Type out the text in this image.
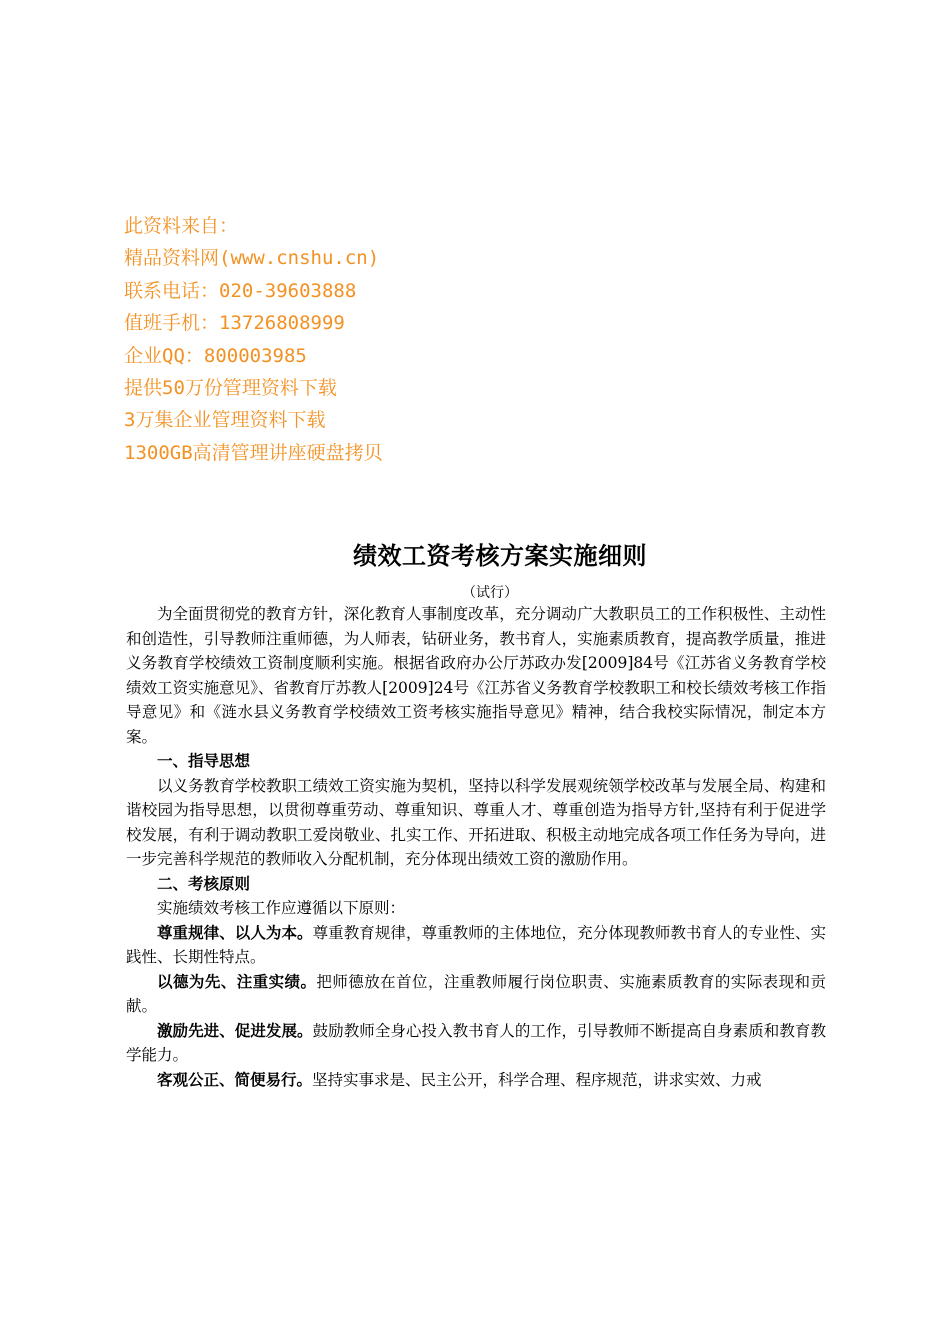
此资料来自：
精品资料网(www.cnshu.cn)
联系电话：020-39603888
值班手机：13726808999
企业QQ：800003985
提供50万份管理资料下载
3万集企业管理资料下载
1300GB高清管理讲座硬盘拷贝
绩效工资考核方案实施细则
（试行）

为全面贯彻党的教育方针，深化教育人事制度改革，充分调动广大教职员工的工作积极性、主动性和创造性，引导教师注重师德，为人师表，钻研业务，教书育人，实施素质教育，提高教学质量，推进义务教育学校绩效工资制度顺利实施。根据省政府办公厅苏政办发[2009]84号《江苏省义务教育学校绩效工资实施意见》、省教育厅苏教人[2009]24号《江苏省义务教育学校教职工和校长绩效考核工作指导意见》和《涟水县义务教育学校绩效工资考核实施指导意见》精神，结合我校实际情况，制定本方案。

一、指导思想

以义务教育学校教职工绩效工资实施为契机，坚持以科学发展观统领学校改革与发展全局、构建和谐校园为指导思想，以贯彻尊重劳动、尊重知识、尊重人才、尊重创造为指导方针,坚持有利于促进学校发展，有利于调动教职工爱岗敬业、扎实工作、开拓进取、积极主动地完成各项工作任务为导向，进一步完善科学规范的教师收入分配机制，充分体现出绩效工资的激励作用。

二、考核原则

实施绩效考核工作应遵循以下原则：

尊重规律、以人为本。尊重教育规律，尊重教师的主体地位，充分体现教师教书育人的专业性、实践性、长期性特点。

以德为先、注重实绩。把师德放在首位，注重教师履行岗位职责、实施素质教育的实际表现和贡献。

激励先进、促进发展。鼓励教师全身心投入教书育人的工作，引导教师不断提高自身素质和教育教学能力。

客观公正、简便易行。坚持实事求是、民主公开，科学合理、程序规范，讲求实效、力戒
